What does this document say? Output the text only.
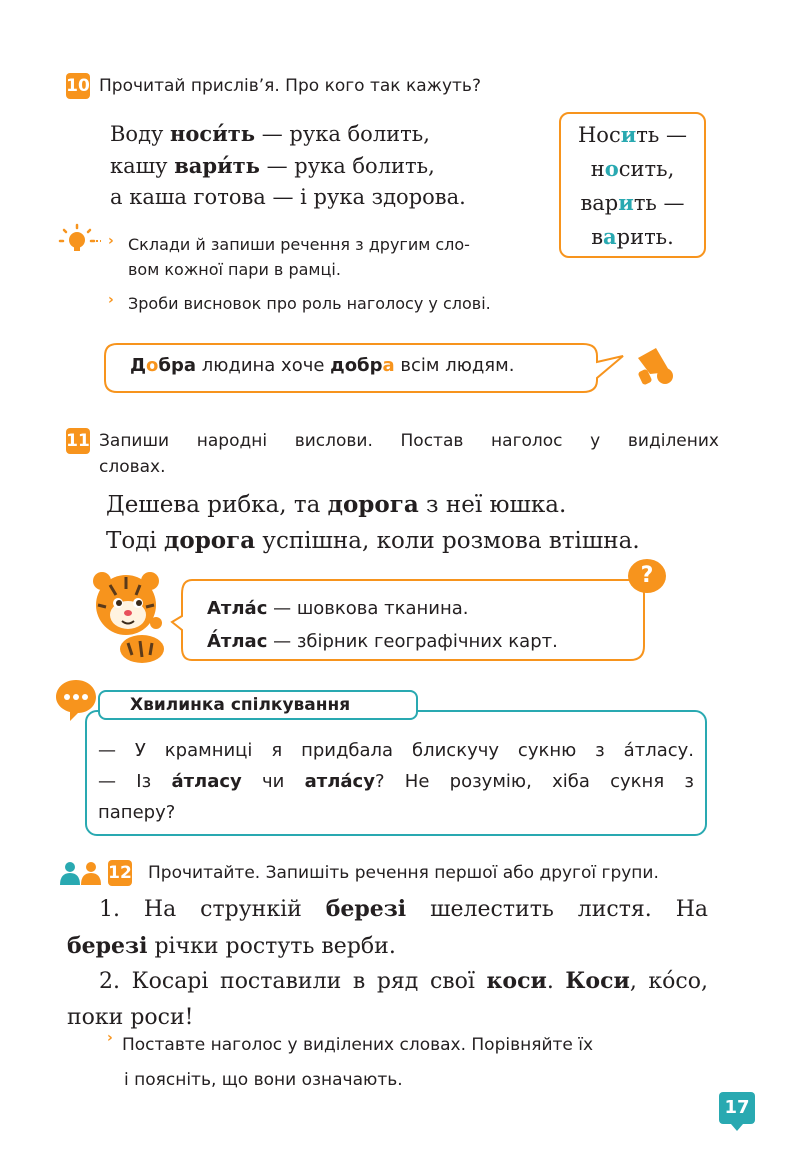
10 Прочитай прислів’я. Про кого так кажуть?
Воду носи́ть — рука болить,
кашу вари́ть — рука болить,
а каша готова — і рука здорова.
Носить —
носить,
варить —
варить.
› Склади й запиши речення з другим сло-
вом кожної пари в рамці.
› Зроби висновок про роль наголосу у слові.
Добра людина хоче добра всім людям.
11 Запиши народні вислови. Постав наголос у виділених
словах.
Дешева рибка, та дорога з неї юшка.
Тоді дорога успішна, коли розмова втішна.
?
Атла́с — шовкова тканина.
А́тлас — збірник географічних карт.
Хвилинка спілкування
— У крамниці я придбала блискучу сукню з а́тласу.
— Із а́тласу чи атла́су? Не розумію, хіба сукня з
паперу?
12 Прочитайте. Запишіть речення першої або другої групи.
1. На стрункій березі шелестить листя. На
березі річки ростуть верби.
2. Косарі поставили в ряд свої коси. Коси, ко́со,
поки роси!
› Поставте наголос у виділених словах. Порівняйте їх
і поясніть, що вони означають.
17
